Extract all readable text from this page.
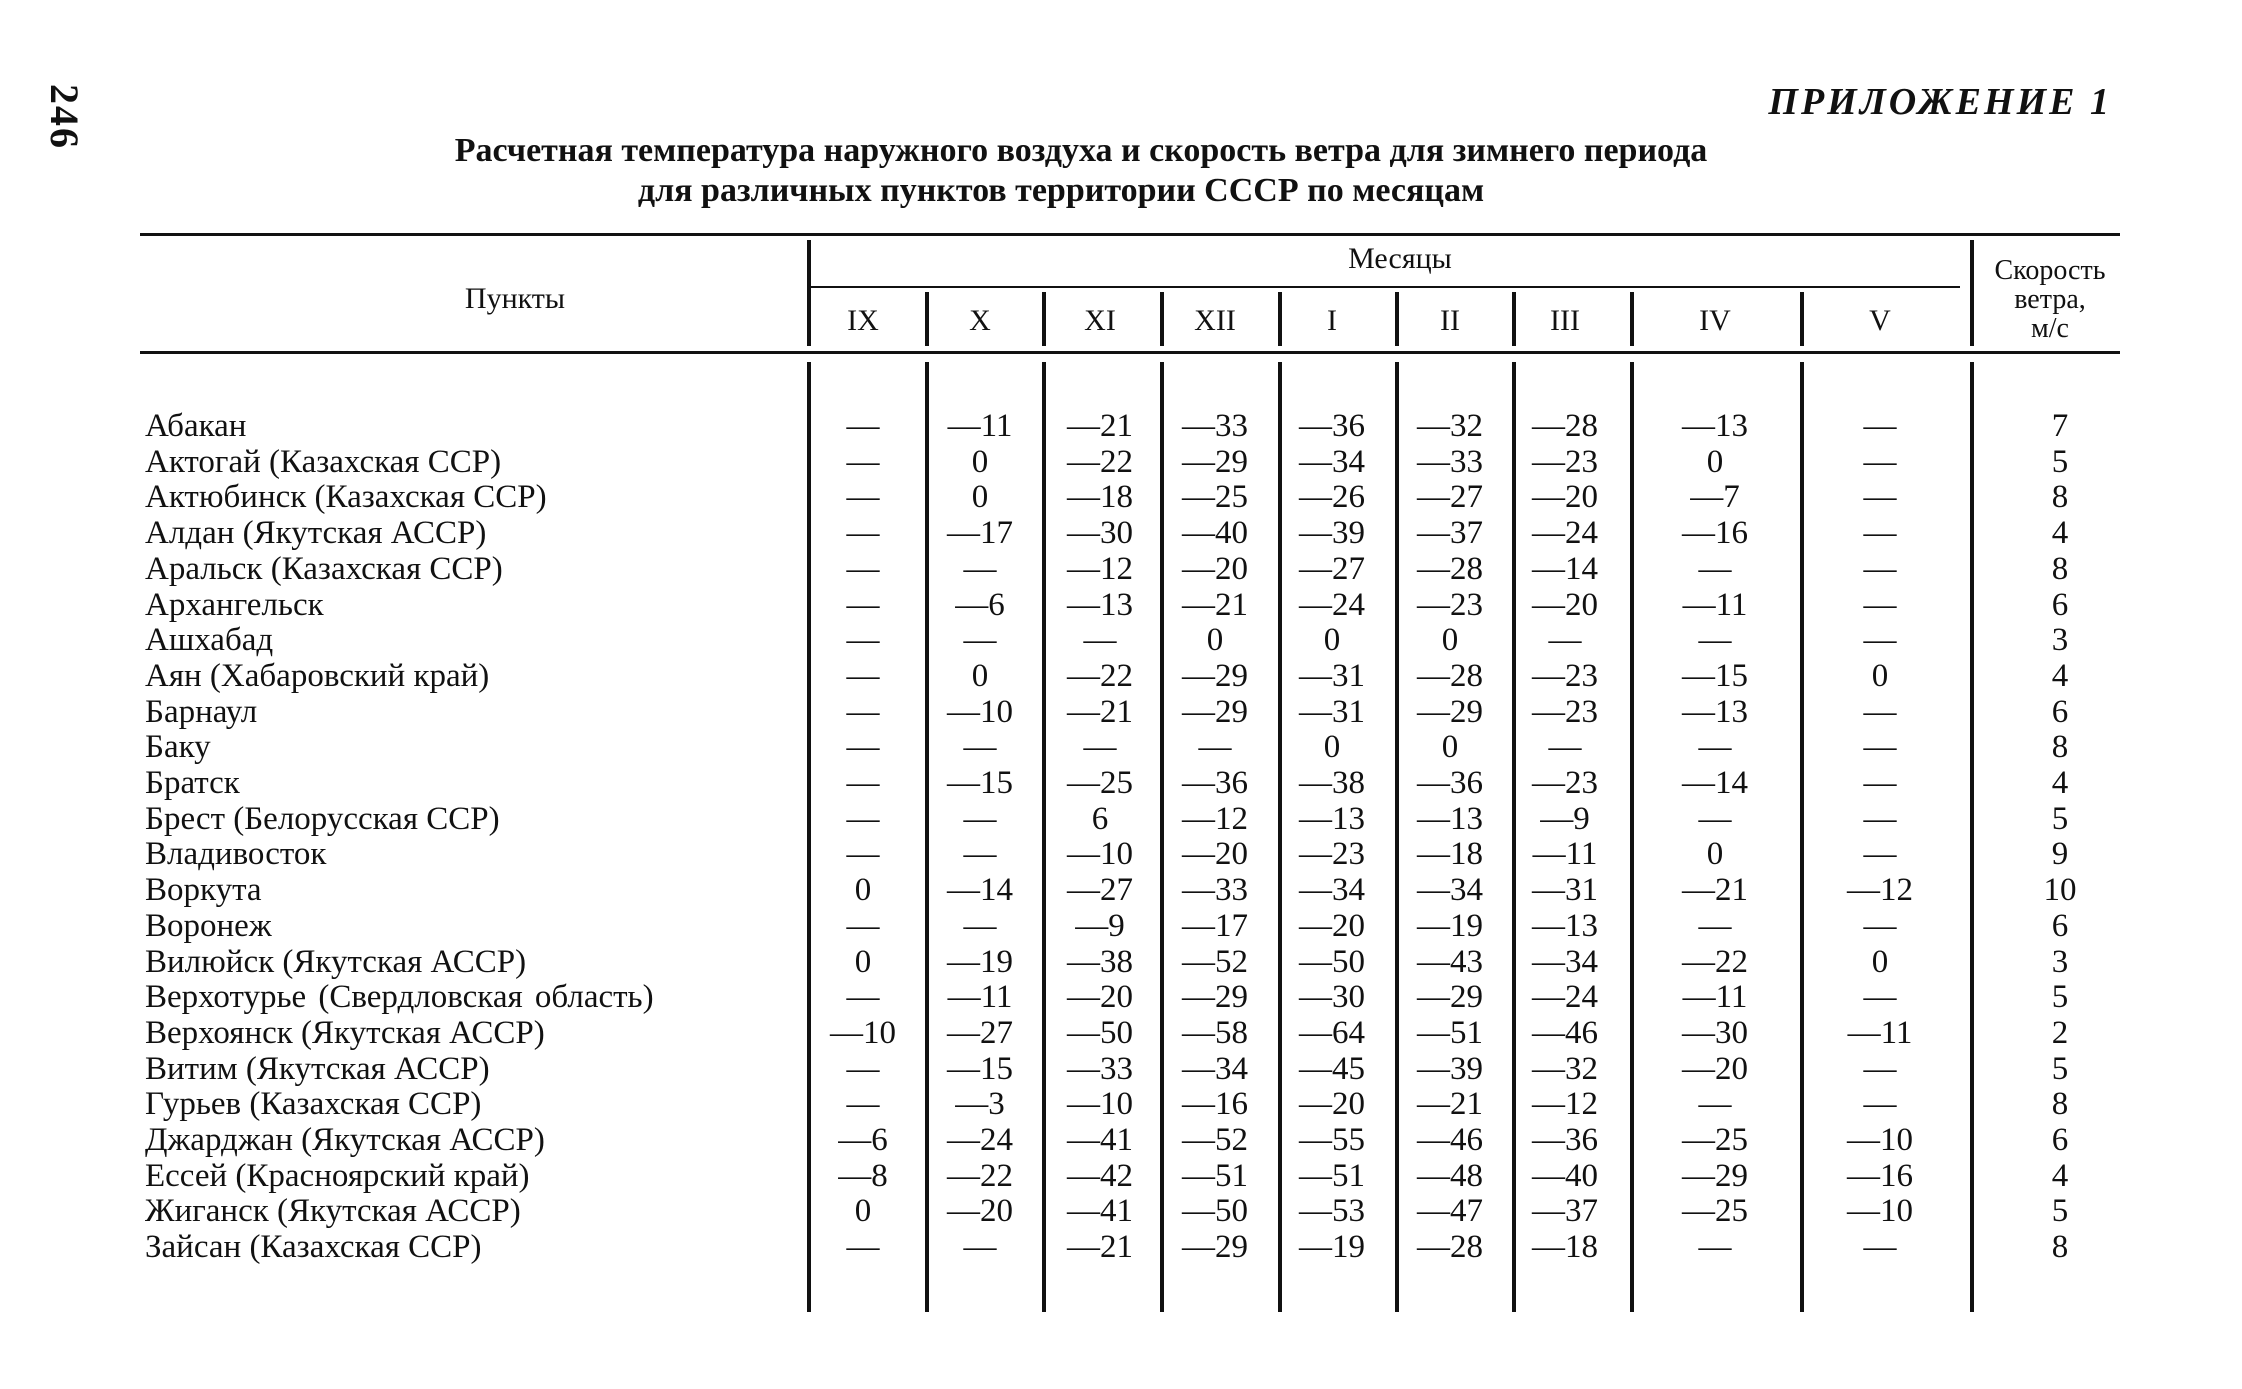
246	ПРИЛОЖЕНИЕ 1
Расчетная температура наружного воздуха и скорость ветра для зимнего периода
для различных пунктов территории СССР по месяцам
Пункты
Месяцы	Скорость
ветра,
м/с
IX	X	XI	XII	I	II	III	IV	V
Абакан	—	—11	—21	—33	—36	—32	—28	—13	—	7
Актогай (Казахская ССР)	—	0	—22	—29	—34	—33	—23	0	—	5
Актюбинск (Казахская ССР)	—	0	—18	—25	—26	—27	—20	—7	—	8
Алдан (Якутская АССР)	—	—17	—30	—40	—39	—37	—24	—16	—	4
Аральск (Казахская ССР)	—	—	—12	—20	—27	—28	—14	—	—	8
Архангельск	—	—6	—13	—21	—24	—23	—20	—11	—	6
Ашхабад	—	—	—	0	0	0	—	—	—	3
Аян (Хабаровский край)	—	0	—22	—29	—31	—28	—23	—15	0	4
Барнаул	—	—10	—21	—29	—31	—29	—23	—13	—	6
Баку	—	—	—	—	0	0	—	—	—	8
Братск	—	—15	—25	—36	—38	—36	—23	—14	—	4
Брест (Белорусская ССР)	—	—	6	—12	—13	—13	—9	—	—	5
Владивосток	—	—	—10	—20	—23	—18	—11	0	—	9
Воркута	0	—14	—27	—33	—34	—34	—31	—21	—12	10
Воронеж	—	—	—9	—17	—20	—19	—13	—	—	6
Вилюйск (Якутская АССР)	0	—19	—38	—52	—50	—43	—34	—22	0	3
Верхотурье (Свердловская область)	—	—11	—20	—29	—30	—29	—24	—11	—	5
Верхоянск (Якутская АССР)	—10	—27	—50	—58	—64	—51	—46	—30	—11	2
Витим (Якутская АССР)	—	—15	—33	—34	—45	—39	—32	—20	—	5
Гурьев (Казахская ССР)	—	—3	—10	—16	—20	—21	—12	—	—	8
Джарджан (Якутская АССР)	—6	—24	—41	—52	—55	—46	—36	—25	—10	6
Ессей (Красноярский край)	—8	—22	—42	—51	—51	—48	—40	—29	—16	4
Жиганск (Якутская АССР)	0	—20	—41	—50	—53	—47	—37	—25	—10	5
Зайсан (Казахская ССР)	—	—	—21	—29	—19	—28	—18	—	—	8
